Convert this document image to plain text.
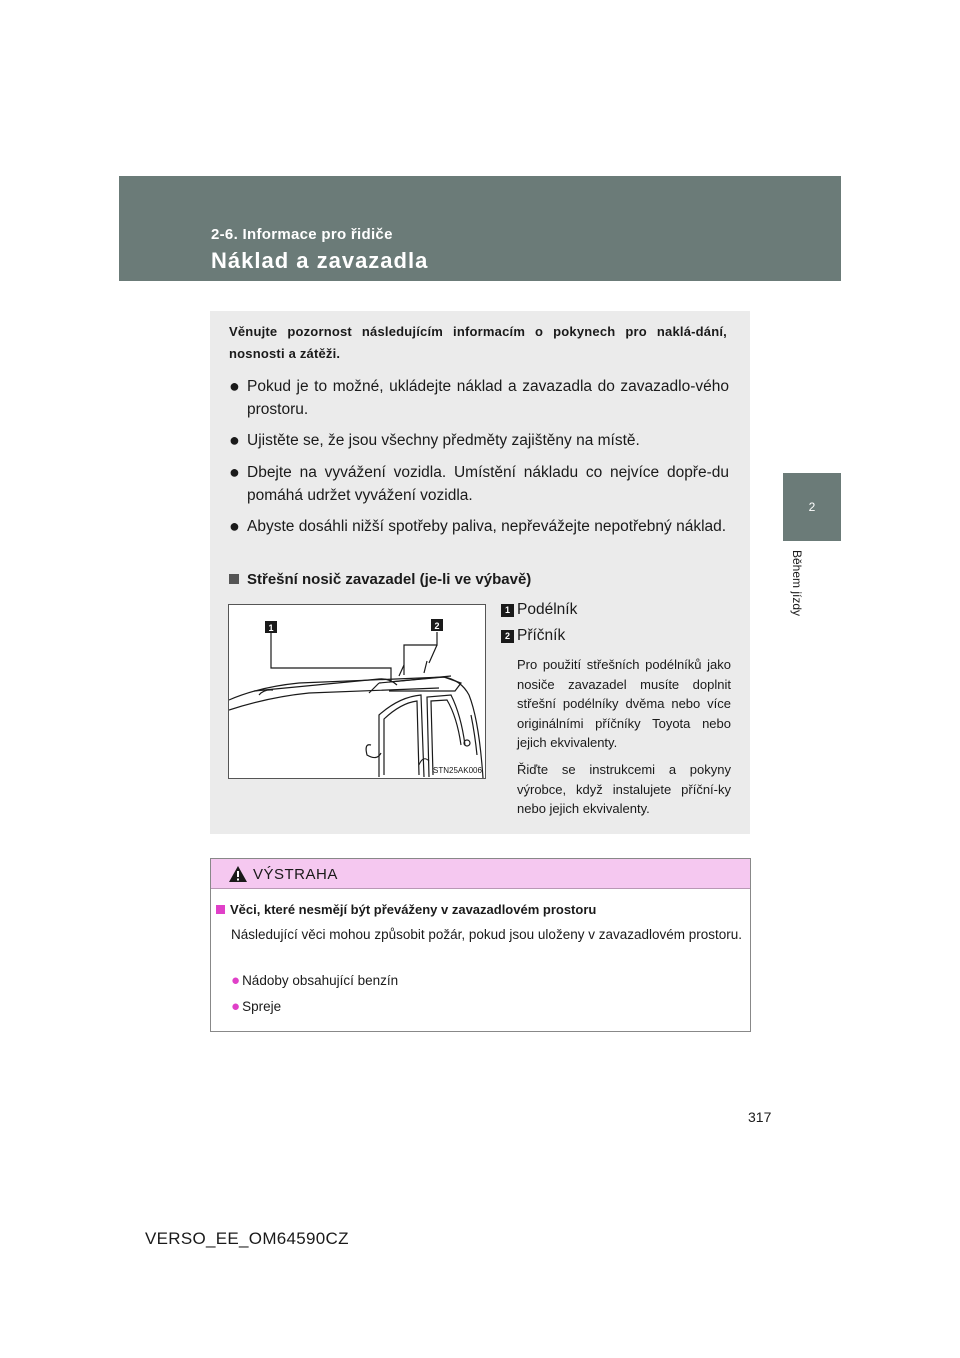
2-6. Informace pro řidiče
Náklad a zavazadla
2
Během jízdy
Věnujte pozornost následujícím informacím o pokynech pro naklá-dání, nosnosti a zátěži.
● Pokud je to možné, ukládejte náklad a zavazadla do zavazadlo-vého prostoru.
● Ujistěte se, že jsou všechny předměty zajištěny na místě.
● Dbejte na vyvážení vozidla. Umístění nákladu co nejvíce dopře-du pomáhá udržet vyvážení vozidla.
● Abyste dosáhli nižší spotřeby paliva, nepřevážejte nepotřebný náklad.
Střešní nosič zavazadel (je-li ve výbavě)
1	2
STN25AK006
1 Podélník
2 Příčník
Pro použití střešních podélníků jako nosiče zavazadel musíte doplnit střešní podélníky dvěma nebo více originálními příčníky Toyota nebo jejich ekvivalenty.
Řiďte se instrukcemi a pokyny výrobce, když instalujete příční-ky nebo jejich ekvivalenty.
VÝSTRAHA
Věci, které nesmějí být převáženy v zavazadlovém prostoru
Následující věci mohou způsobit požár, pokud jsou uloženy v zavazadlovém prostoru.
● Nádoby obsahující benzín
● Spreje
317
VERSO_EE_OM64590CZ
